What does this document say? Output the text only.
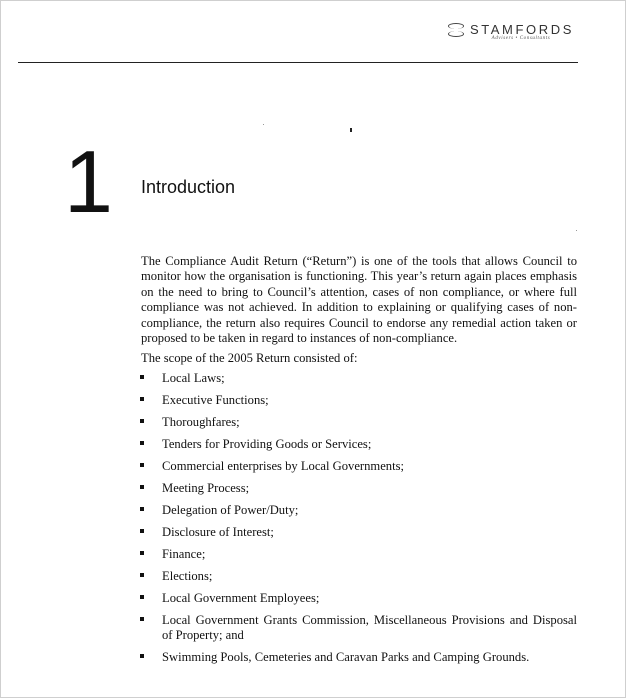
STAMFORDS
Advisers • Consultants
1 Introduction

The Compliance Audit Return (“Return”) is one of the tools that allows Council to monitor how the organisation is functioning. This year’s return again places emphasis on the need to bring to Council’s attention, cases of non compliance, or where full compliance was not achieved. In addition to explaining or qualifying cases of non-compliance, the return also requires Council to endorse any remedial action taken or proposed to be taken in regard to instances of non-compliance.

The scope of the 2005 Return consisted of:

Local Laws;
Executive Functions;
Thoroughfares;
Tenders for Providing Goods or Services;
Commercial enterprises by Local Governments;
Meeting Process;
Delegation of Power/Duty;
Disclosure of Interest;
Finance;
Elections;
Local Government Employees;
Local Government Grants Commission, Miscellaneous Provisions and Disposal of Property; and
Swimming Pools, Cemeteries and Caravan Parks and Camping Grounds.
